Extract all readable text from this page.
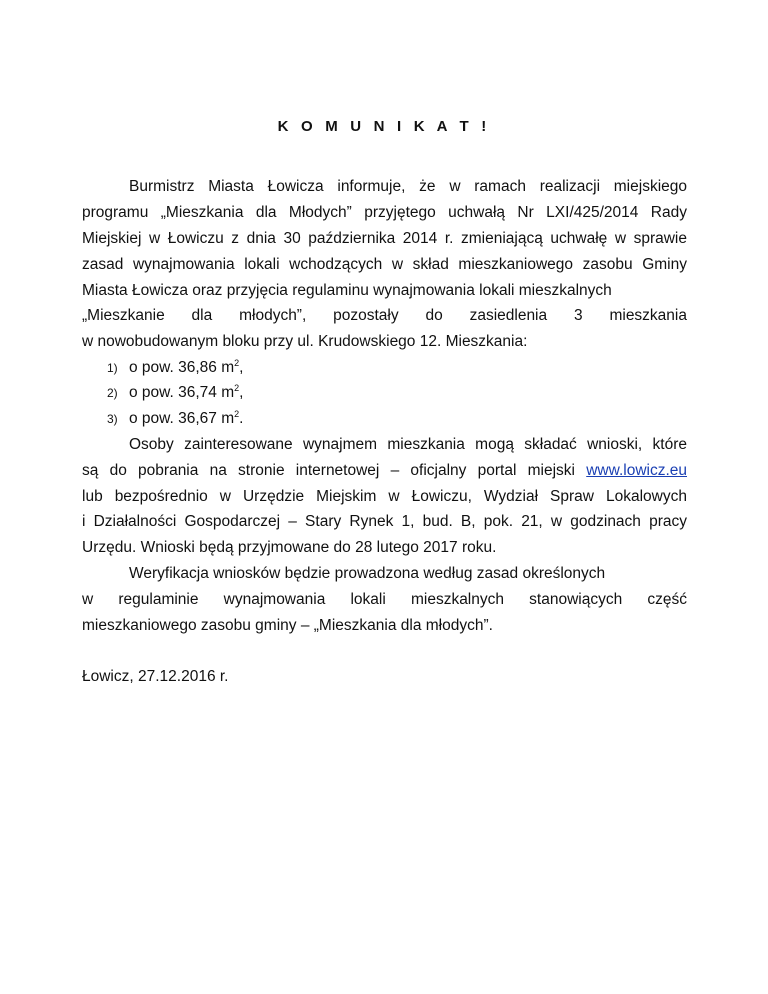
K O M U N I K A T !
Burmistrz Miasta Łowicza informuje, że w ramach realizacji miejskiego
programu „Mieszkania dla Młodych” przyjętego uchwałą Nr LXI/425/2014 Rady
Miejskiej w Łowiczu z dnia 30 października 2014 r. zmieniającą uchwałę w sprawie
zasad wynajmowania lokali wchodzących w skład mieszkaniowego zasobu Gminy
Miasta Łowicza oraz przyjęcia regulaminu wynajmowania lokali mieszkalnych
„Mieszkanie dla młodych”, pozostały do zasiedlenia 3 mieszkania
w nowobudowanym bloku przy ul. Krudowskiego 12. Mieszkania:
1) o pow. 36,86 $m^2$,
2) o pow. 36,74 $m^2$,
3) o pow. 36,67 $m^2$.
Osoby zainteresowane wynajmem mieszkania mogą składać wnioski, które
są do pobrania na stronie internetowej – oficjalny portal miejski www.lowicz.eu
lub bezpośrednio w Urzędzie Miejskim w Łowiczu, Wydział Spraw Lokalowych
i Działalności Gospodarczej – Stary Rynek 1, bud. B, pok. 21, w godzinach pracy
Urzędu. Wnioski będą przyjmowane do 28 lutego 2017 roku.
Weryfikacja wniosków będzie prowadzona według zasad określonych
w regulaminie wynajmowania lokali mieszkalnych stanowiących część
mieszkaniowego zasobu gminy – „Mieszkania dla młodych”.
Łowicz, 27.12.2016 r.
